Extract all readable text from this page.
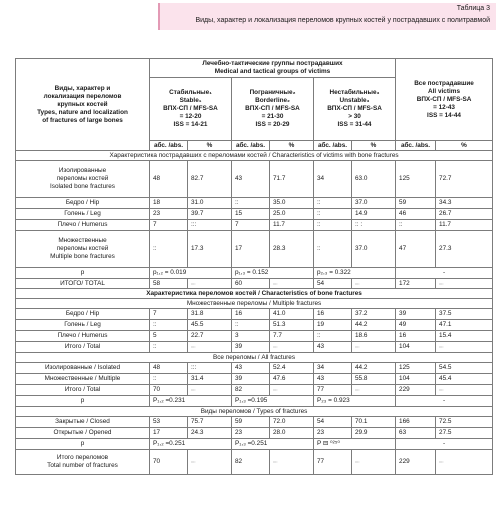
Таблица 3
Виды, характер и локализация переломов крупных костей у пострадавших с политравмой
Виды, характер и
локализация переломов
крупных костей
Types, nature and localization
of fractures of large bones	Лечебно-тактические группы пострадавших
Medical and tactical groups of victims						Все пострадавшие
All victims
ВПХ-СП / MFS-SA
= 12-43
ISS = 14-44	
	Стабильные₁
Stable₁
ВПХ-СП / MFS-SA
= 12-20
ISS = 14-21		Пограничные₂
Borderline₂
ВПХ-СП / MFS-SA
= 21-30
ISS = 20-29		Нестабильные₃
Unstable₃
ВПХ-СП / MFS-SA
> 30
ISS = 31-44			
	абс. /abs.	%	абс. /abs.	%	абс. /abs.	%	абс. /abs.	%
Характеристика пострадавших с переломами костей / Characteristics of victims with bone fractures								
Изолированные
переломы костей
Isolated bone fractures	48	82.7	43	71.7	34	63.0	125	72.7
Бедро / Hip	18	31.0	::	35.0	::	37.0	59	34.3
Голень / Leg	23	39.7	15	25.0	::	14.9	46	26.7
Плечо / Humerus	7	:::	7	11.7	::	:: :	::	11.7
Множественные
переломы костей
Multiple bone fractures	::	17.3	17	28.3	::	37.0	47	27.3
p	p₁,₂ = 0.019		p₁,₃ = 0.152		p₂,₃ = 0.322		-	
ИТОГО/ TOTAL	58	::::	60	::::	54	::::	172	::::
Характеристика переломов костей / Characteristics of bone fractures								
Множественные переломы / Multiple fractures								
Бедро / Hip	7	31.8	16	41.0	16	37.2	39	37.5
Голень / Leg	::	45.5	::	51.3	19	44.2	49	47.1
Плечо / Humerus	5	22.7	3	7.7	::	18.6	16	15.4
Итого / Total	::	::::	39	::::	43	::::	104	::::
Все переломы / All fractures								
Изолированные / Isolated	48	:::	43	52.4	34	44.2	125	54.5
Множественные / Multiple	::	31.4	39	47.6	43	55.8	104	45.4
Итого / Total	70	::::	82	::::	77	::::	229	::::
p	P₁,₂ =0.231		P₁,₃ =0.195		P₂₃ = 0.923		-	
Виды переломов / Types of fractures								
Закрытые / Closed	53	75.7	59	72.0	54	70.1	166	72.5
Открытые / Opened	17	24.3	23	28.0	23	29.9	63	27.5
p	P₁,₂ =0.251		P₁,₃ =0.251		P ⊟ ⁰²⁵⁰		-	
Итого переломов
Total number of fractures	70	::::	82	::::	77	::::	229	::::
